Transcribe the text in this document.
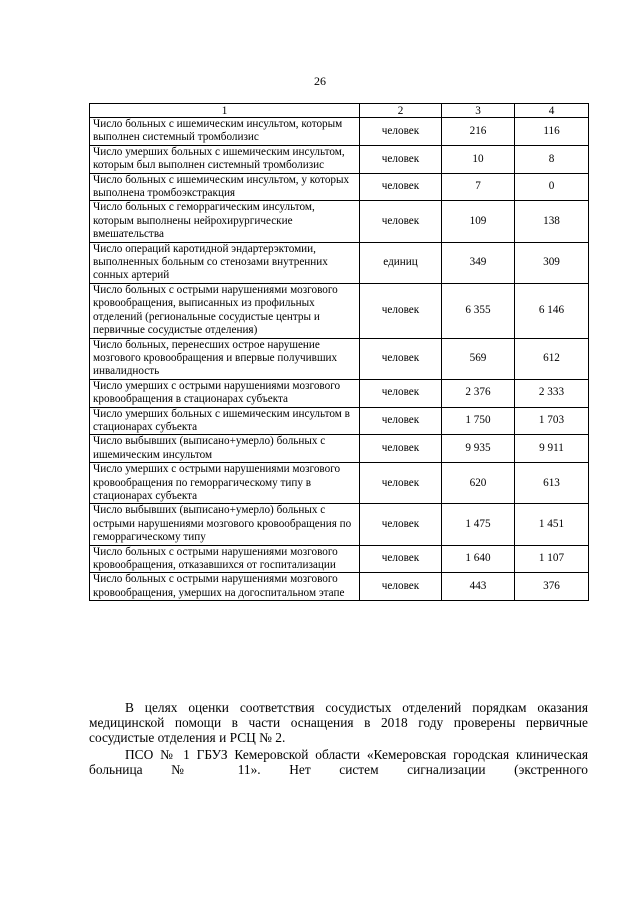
26
1	2	3	4
Число больных с ишемическим инсультом, которым выполнен системный тромболизис	человек	216	116
Число умерших больных с ишемическим инсультом, которым был выполнен системный тромболизис	человек	10	8
Число больных с ишемическим инсультом, у которых выполнена тромбоэкстракция	человек	7	0
Число больных с геморрагическим инсультом, которым выполнены нейрохирургические вмешательства	человек	109	138
Число операций каротидной эндартерэктомии, выполненных больным со стенозами внутренних сонных артерий	единиц	349	309
Число больных с острыми нарушениями мозгового кровообращения, выписанных из профильных отделений (региональные сосудистые центры и первичные сосудистые отделения)	человек	6 355	6 146
Число больных, перенесших острое нарушение мозгового кровообращения и впервые получивших инвалидность	человек	569	612
Число умерших с острыми нарушениями мозгового кровообращения в стационарах субъекта	человек	2 376	2 333
Число умерших больных с ишемическим инсультом в стационарах субъекта	человек	1 750	1 703
Число выбывших (выписано+умерло) больных с ишемическим инсультом	человек	9 935	9 911
Число умерших с острыми нарушениями мозгового кровообращения по геморрагическому типу в стационарах субъекта	человек	620	613
Число выбывших (выписано+умерло) больных с острыми нарушениями мозгового кровообращения по геморрагическому типу	человек	1 475	1 451
Число больных с острыми нарушениями мозгового кровообращения, отказавшихся от госпитализации	человек	1 640	1 107
Число больных с острыми нарушениями мозгового кровообращения, умерших на догоспитальном этапе	человек	443	376

В целях оценки соответствия сосудистых отделений порядкам оказания медицинской помощи в части оснащения в 2018 году проверены первичные сосудистые отделения и РСЦ № 2.

ПСО № 1 ГБУЗ Кемеровской области «Кемеровская городская клиническая больница № 11». Нет систем сигнализации (экстренного
